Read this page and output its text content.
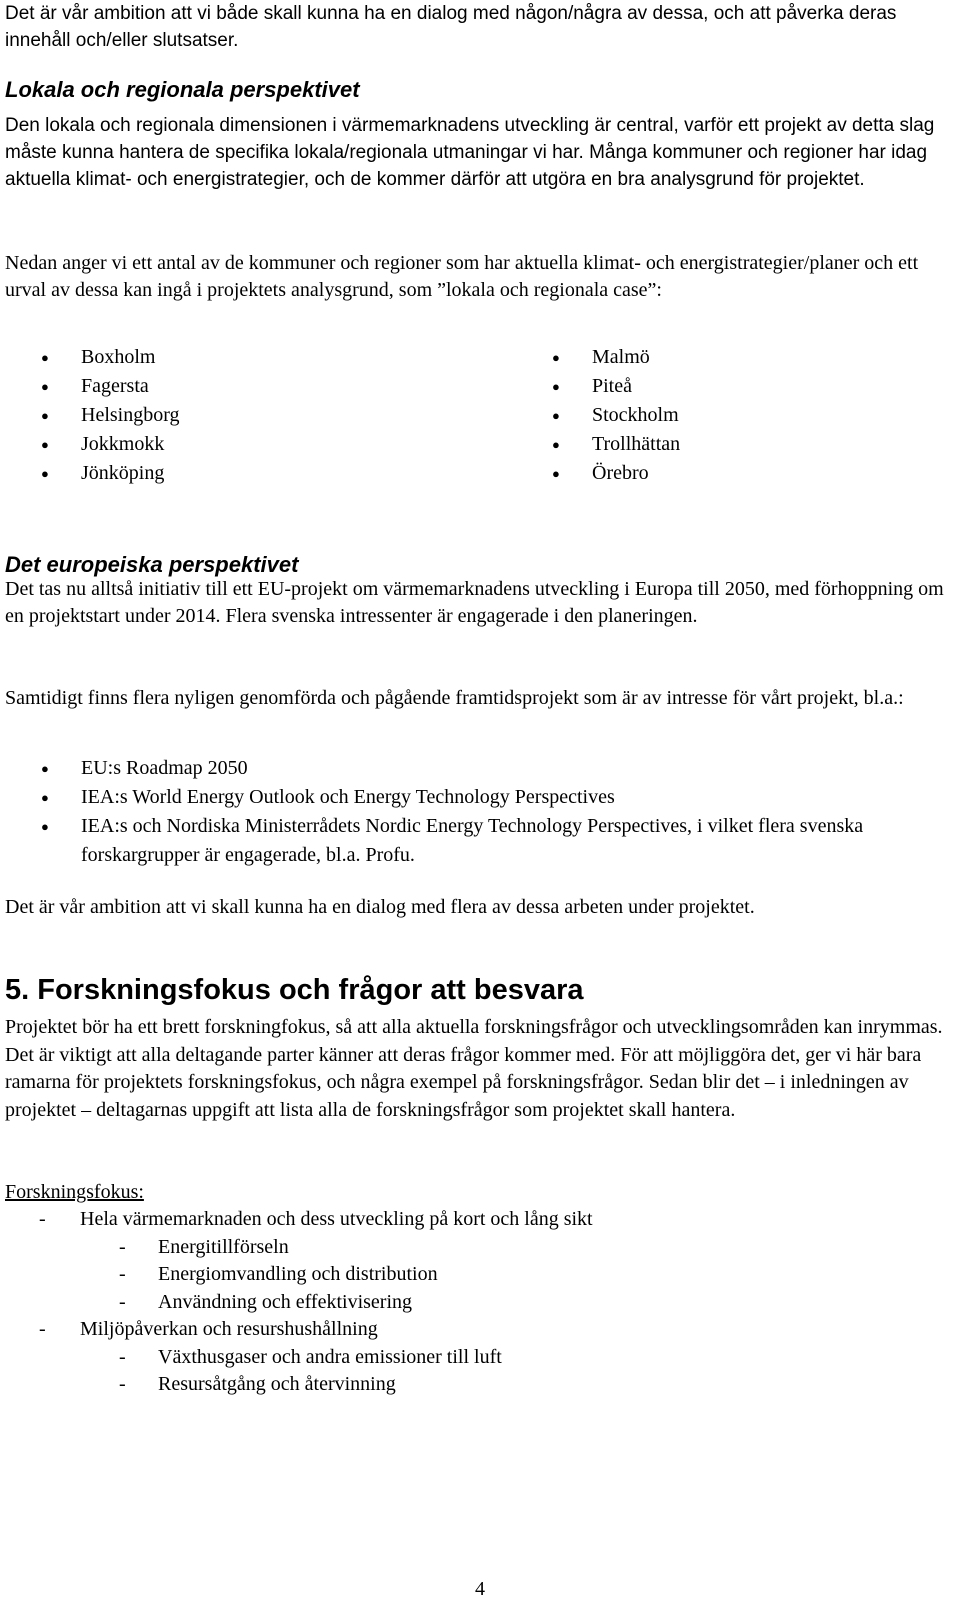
Det är vår ambition att vi både skall kunna ha en dialog med någon/några av dessa, och att påverka deras innehåll och/eller slutsatser.

Lokala och regionala perspektivet

Den lokala och regionala dimensionen i värmemarknadens utveckling är central, varför ett projekt av detta slag måste kunna hantera de specifika lokala/regionala utmaningar vi har. Många kommuner och regioner har idag aktuella klimat- och energistrategier, och de kommer därför att utgöra en bra analysgrund för projektet.

Nedan anger vi ett antal av de kommuner och regioner som har aktuella klimat- och energistrategier/planer och ett urval av dessa kan ingå i projektets analysgrund, som ”lokala och regionala case”:

● Boxholm
● Fagersta
● Helsingborg
● Jokkmokk
● Jönköping
● Malmö
● Piteå
● Stockholm
● Trollhättan
● Örebro
Det europeiska perspektivet

Det tas nu alltså initiativ till ett EU-projekt om värmemarknadens utveckling i Europa till 2050, med förhoppning om en projektstart under 2014. Flera svenska intressenter är engagerade i den planeringen.

Samtidigt finns flera nyligen genomförda och pågående framtidsprojekt som är av intresse för vårt projekt, bl.a.:

● EU:s Roadmap 2050
● IEA:s World Energy Outlook och Energy Technology Perspectives
● IEA:s och Nordiska Ministerrådets Nordic Energy Technology Perspectives, i vilket flera svenska forskargrupper är engagerade, bl.a. Profu.

Det är vår ambition att vi skall kunna ha en dialog med flera av dessa arbeten under projektet.

5. Forskningsfokus och frågor att besvara

Projektet bör ha ett brett forskningfokus, så att alla aktuella forskningsfrågor och utvecklingsområden kan inrymmas. Det är viktigt att alla deltagande parter känner att deras frågor kommer med. För att möjliggöra det, ger vi här bara ramarna för projektets forskningsfokus, och några exempel på forskningsfrågor. Sedan blir det – i inledningen av projektet – deltagarnas uppgift att lista alla de forskningsfrågor som projektet skall hantera.

Forskningsfokus:

- Hela värmemarknaden och dess utveckling på kort och lång sikt
- Energitillförseln
- Energiomvandling och distribution
- Användning och effektivisering
- Miljöpåverkan och resurshushållning
- Växthusgaser och andra emissioner till luft
- Resursåtgång och återvinning
4
